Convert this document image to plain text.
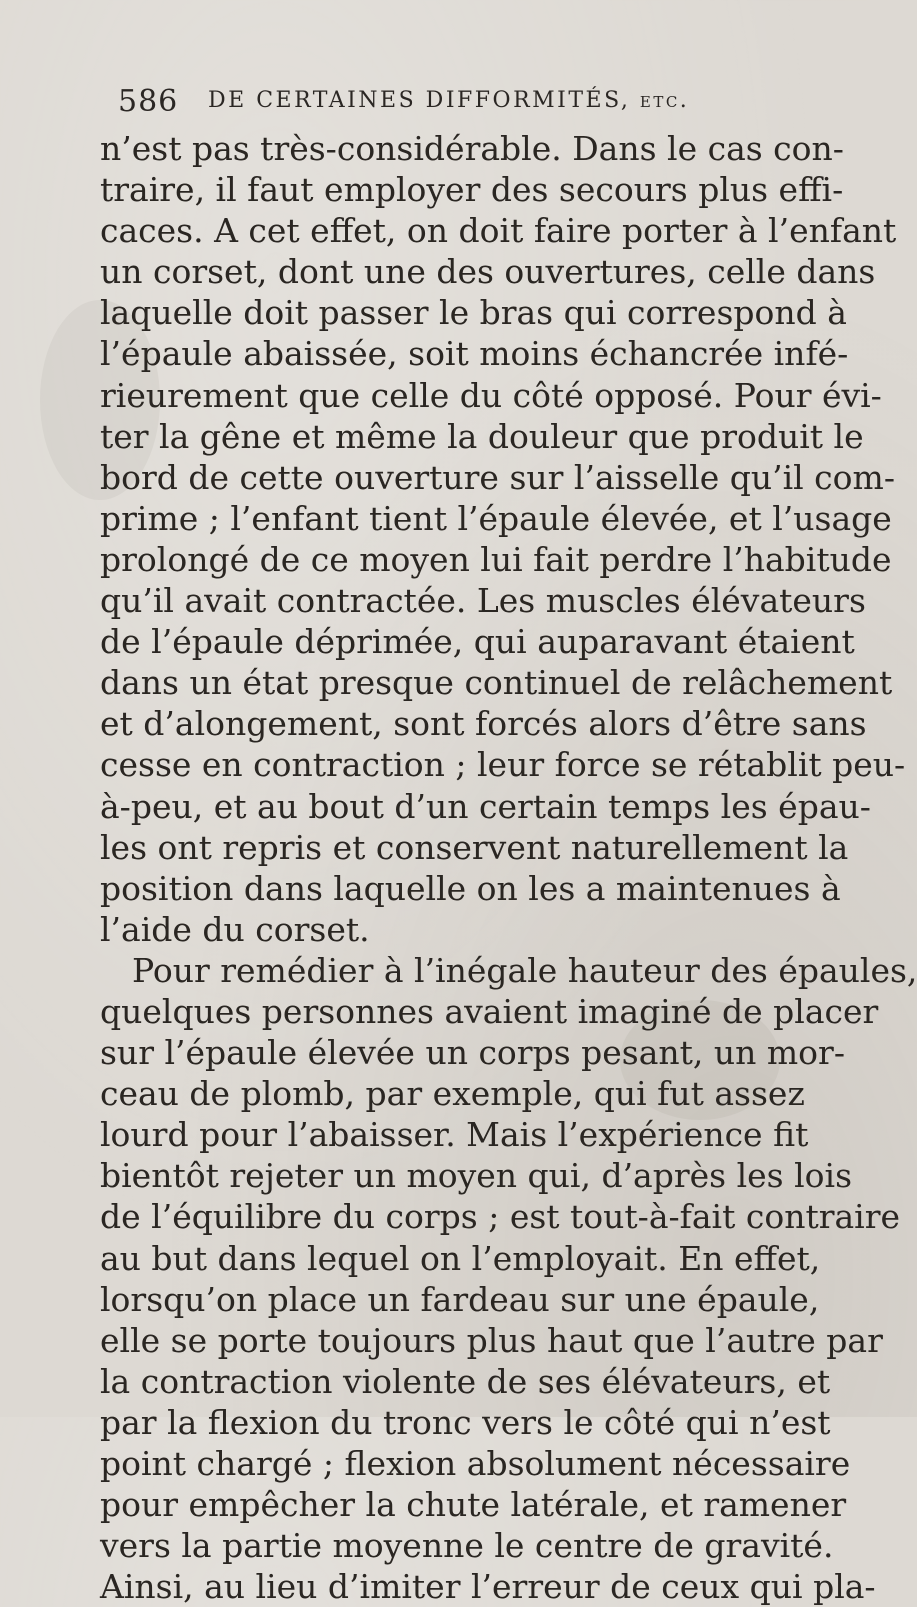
586 DE CERTAINES DIFFORMITÉS, etc.
n’est pas très-considérable. Dans le cas con-
traire, il faut employer des secours plus effi-
caces. A cet effet, on doit faire porter à l’enfant
un corset, dont une des ouvertures, celle dans
laquelle doit passer le bras qui correspond à
l’épaule abaissée, soit moins échancrée infé-
rieurement que celle du côté opposé. Pour évi-
ter la gêne et même la douleur que produit le
bord de cette ouverture sur l’aisselle qu’il com-
prime ; l’enfant tient l’épaule élevée, et l’usage
prolongé de ce moyen lui fait perdre l’habitude
qu’il avait contractée. Les muscles élévateurs
de l’épaule déprimée, qui auparavant étaient
dans un état presque continuel de relâchement
et d’alongement, sont forcés alors d’être sans
cesse en contraction ; leur force se rétablit peu-
à-peu, et au bout d’un certain temps les épau-
les ont repris et conservent naturellement la
position dans laquelle on les a maintenues à
l’aide du corset.
Pour remédier à l’inégale hauteur des épaules,
quelques personnes avaient imaginé de placer
sur l’épaule élevée un corps pesant, un mor-
ceau de plomb, par exemple, qui fut assez
lourd pour l’abaisser. Mais l’expérience fit
bientôt rejeter un moyen qui, d’après les lois
de l’équilibre du corps ; est tout-à-fait contraire
au but dans lequel on l’employait. En effet,
lorsqu’on place un fardeau sur une épaule,
elle se porte toujours plus haut que l’autre par
la contraction violente de ses élévateurs, et
par la flexion du tronc vers le côté qui n’est
point chargé ; flexion absolument nécessaire
pour empêcher la chute latérale, et ramener
vers la partie moyenne le centre de gravité.
Ainsi, au lieu d’imiter l’erreur de ceux qui pla-
